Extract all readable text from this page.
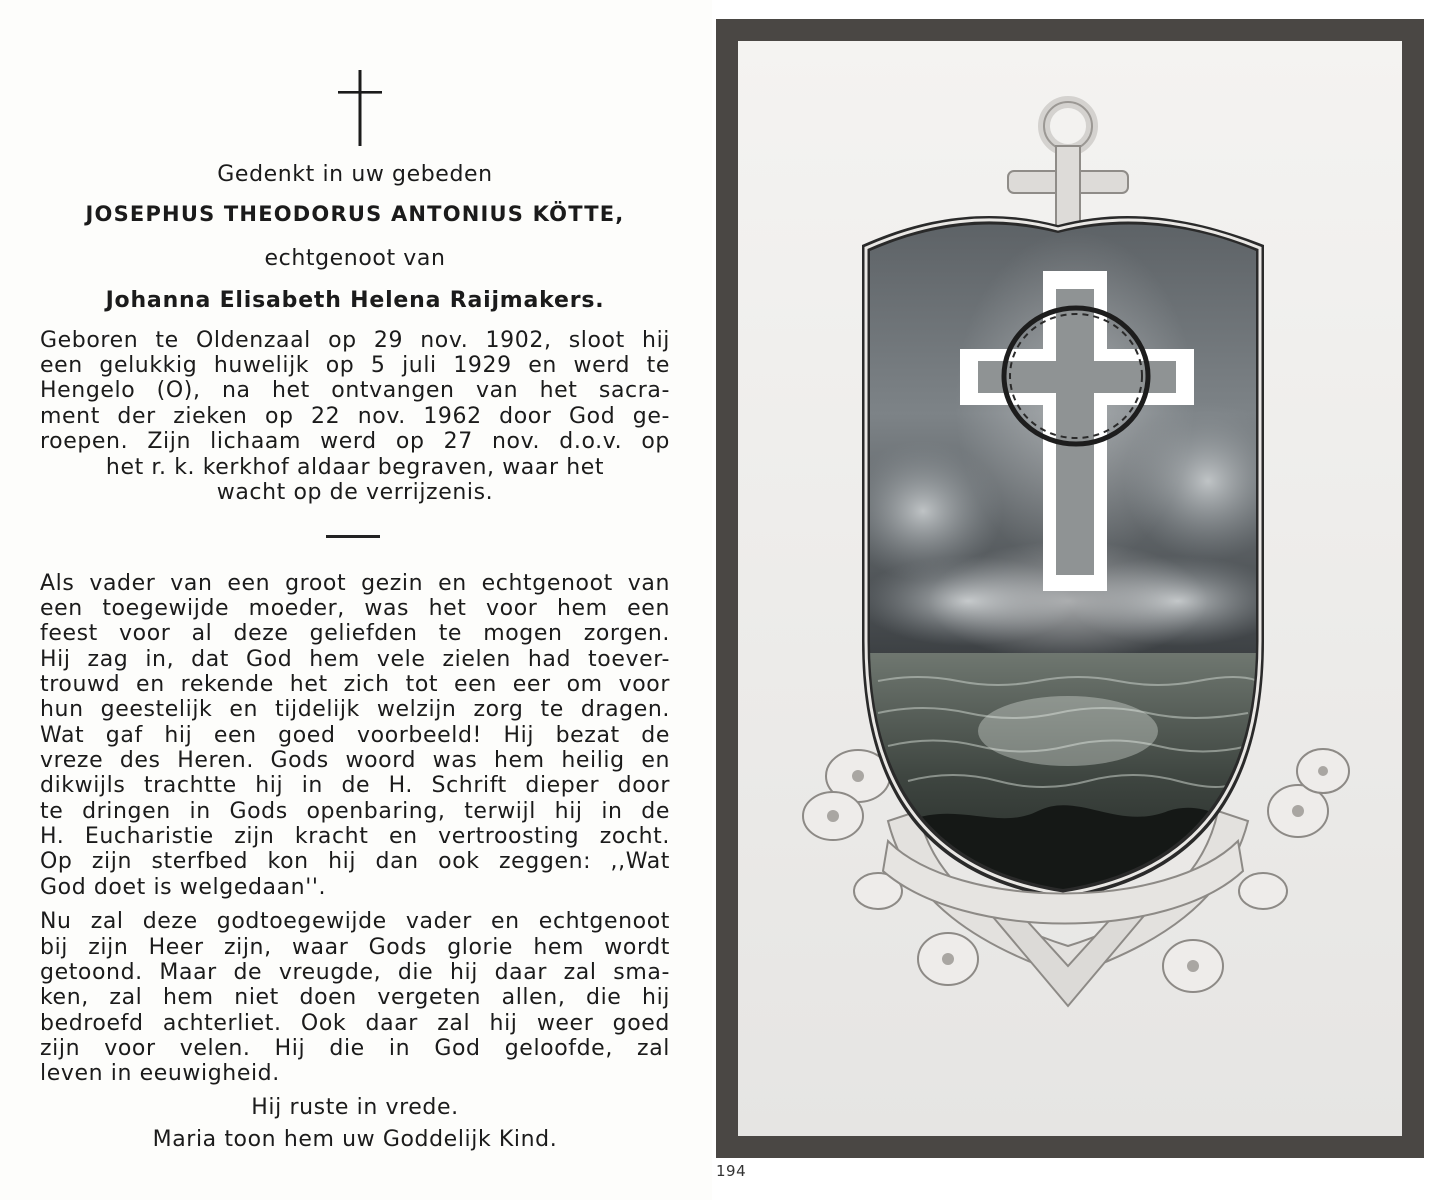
Gedenkt in uw gebeden
JOSEPHUS THEODORUS ANTONIUS KÖTTE,
echtgenoot van
Johanna Elisabeth Helena Raijmakers.
Geboren te Oldenzaal op 29 nov. 1902, sloot hij
een gelukkig huwelijk op 5 juli 1929 en werd te
Hengelo (O), na het ontvangen van het sacra-
ment der zieken op 22 nov. 1962 door God ge-
roepen. Zijn lichaam werd op 27 nov. d.o.v. op
het r. k. kerkhof aldaar begraven, waar het
wacht op de verrijzenis.
Als vader van een groot gezin en echtgenoot van
een toegewijde moeder, was het voor hem een
feest voor al deze geliefden te mogen zorgen.
Hij zag in, dat God hem vele zielen had toever-
trouwd en rekende het zich tot een eer om voor
hun geestelijk en tijdelijk welzijn zorg te dragen.
Wat gaf hij een goed voorbeeld! Hij bezat de
vreze des Heren. Gods woord was hem heilig en
dikwijls trachtte hij in de H. Schrift dieper door
te dringen in Gods openbaring, terwijl hij in de
H. Eucharistie zijn kracht en vertroosting zocht.
Op zijn sterfbed kon hij dan ook zeggen: ,,Wat
God doet is welgedaan''.
Nu zal deze godtoegewijde vader en echtgenoot
bij zijn Heer zijn, waar Gods glorie hem wordt
getoond. Maar de vreugde, die hij daar zal sma-
ken, zal hem niet doen vergeten allen, die hij
bedroefd achterliet. Ook daar zal hij weer goed
zijn voor velen. Hij die in God geloofde, zal
leven in eeuwigheid.
Hij ruste in vrede.
Maria toon hem uw Goddelijk Kind.
194
